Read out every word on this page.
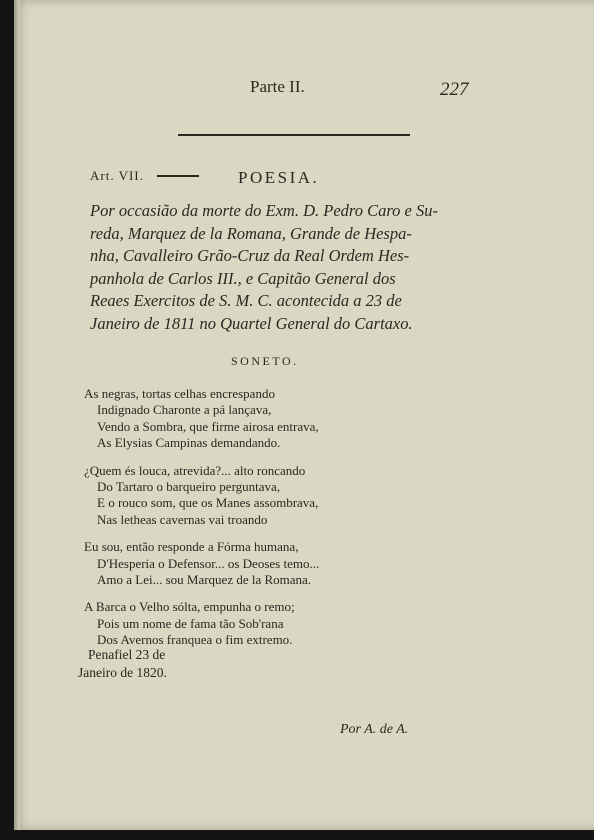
Parte II.	227
Art. VII.	POESIA.
Por occasião da morte do Exm. D. Pedro Caro e Su-
reda, Marquez de la Romana, Grande de Hespa-
nha, Cavalleiro Grão-Cruz da Real Ordem Hes-
panhola de Carlos III., e Capitão General dos
Reaes Exercitos de S. M. C. acontecida a 23 de
Janeiro de 1811 no Quartel General do Cartaxo.
SONETO.
As negras, tortas celhas encrespando
Indignado Charonte a pá lançava,
Vendo a Sombra, que firme airosa entrava,
As Elysias Campinas demandando.
¿Quem és louca, atrevida?... alto roncando
Do Tartaro o barqueiro perguntava,
E o rouco som, que os Manes assombrava,
Nas letheas cavernas vai troando
Eu sou, então responde a Fórma humana,
D'Hesperia o Defensor... os Deoses temo...
Amo a Lei... sou Marquez de la Romana.
A Barca o Velho sólta, empunha o remo;
Pois um nome de fama tão Sob'rana
Dos Avernos franquea o fim extremo.
Penafiel 23 de
Janeiro de 1820.
Por A. de A.
